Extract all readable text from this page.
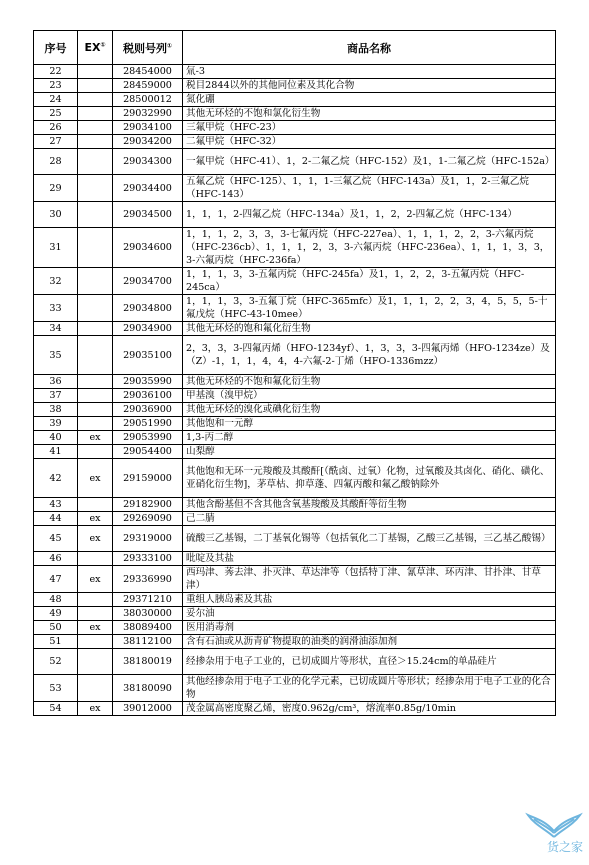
序号	EX①	税则号列①	商品名称
22		28454000	氚-3
23		28459000	税目2844以外的其他同位素及其化合物
24		28500012	氮化硼
25		29032990	其他无环烃的不饱和氯化衍生物
26		29034100	三氟甲烷（HFC-23）
27		29034200	二氟甲烷（HFC-32）
28		29034300	一氟甲烷（HFC-41）、1，2-二氟乙烷（HFC-152）及1，1-二氟乙烷（HFC-152a）
29		29034400	五氟乙烷（HFC-125）、1，1，1-三氟乙烷（HFC-143a）及1，1，2-三氟乙烷（HFC-143）
30		29034500	1，1，1，2-四氟乙烷（HFC-134a）及1，1，2，2-四氟乙烷（HFC-134）
31		29034600	1，1，1，2，3，3，3-七氟丙烷（HFC-227ea）、1，1，1，2，2，3-六氟丙烷（HFC-236cb）、1，1，1，2，3，3-六氟丙烷（HFC-236ea）、1，1，1，3，3，3-六氟丙烷（HFC-236fa）
32		29034700	1，1，1，3，3-五氟丙烷（HFC-245fa）及1，1，2，2，3-五氟丙烷（HFC-245ca）
33		29034800	1，1，1，3，3-五氟丁烷（HFC-365mfc）及1，1，1，2，2，3，4，5，5，5-十氟戊烷（HFC-43-10mee）
34		29034900	其他无环烃的饱和氟化衍生物
35		29035100	2，3，3，3-四氟丙烯（HFO-1234yf）、1，3，3，3-四氟丙烯（HFO-1234ze）及（Z）-1，1，1，4，4，4-六氟-2-丁烯（HFO-1336mzz）
36		29035990	其他无环烃的不饱和氟化衍生物
37		29036100	甲基溴（溴甲烷）
38		29036900	其他无环烃的溴化或碘化衍生物
39		29051990	其他饱和一元醇
40	ex	29053990	1,3-丙二醇
41		29054400	山梨醇
42	ex	29159000	其他饱和无环一元羧酸及其酸酐[（酰卤、过氧）化物，过氧酸及其卤化、硝化、磺化、亚硝化衍生物]，茅草枯、抑草蓬、四氟丙酸和氟乙酸钠除外
43		29182900	其他含酚基但不含其他含氧基羧酸及其酸酐等衍生物
44	ex	29269090	己二腈
45	ex	29319000	硫酸三乙基锡，二丁基氧化锡等（包括氧化二丁基锡，乙酸三乙基锡，三乙基乙酸锡）
46		29333100	吡啶及其盐
47	ex	29336990	西玛津、莠去津、扑灭津、草达津等（包括特丁津、氰草津、环丙津、甘扑津、甘草津）
48		29371210	重组人胰岛素及其盐
49		38030000	妥尔油
50	ex	38089400	医用消毒剂
51		38112100	含有石油或从沥青矿物提取的油类的润滑油添加剂
52		38180019	经掺杂用于电子工业的，已切成圆片等形状，直径＞15.24cm的单晶硅片
53		38180090	其他经掺杂用于电子工业的化学元素，已切成圆片等形状；经掺杂用于电子工业的化合物
54	ex	39012000	茂金属高密度聚乙烯，密度0.962g/cm³，熔流率0.85g/10min
货之家
